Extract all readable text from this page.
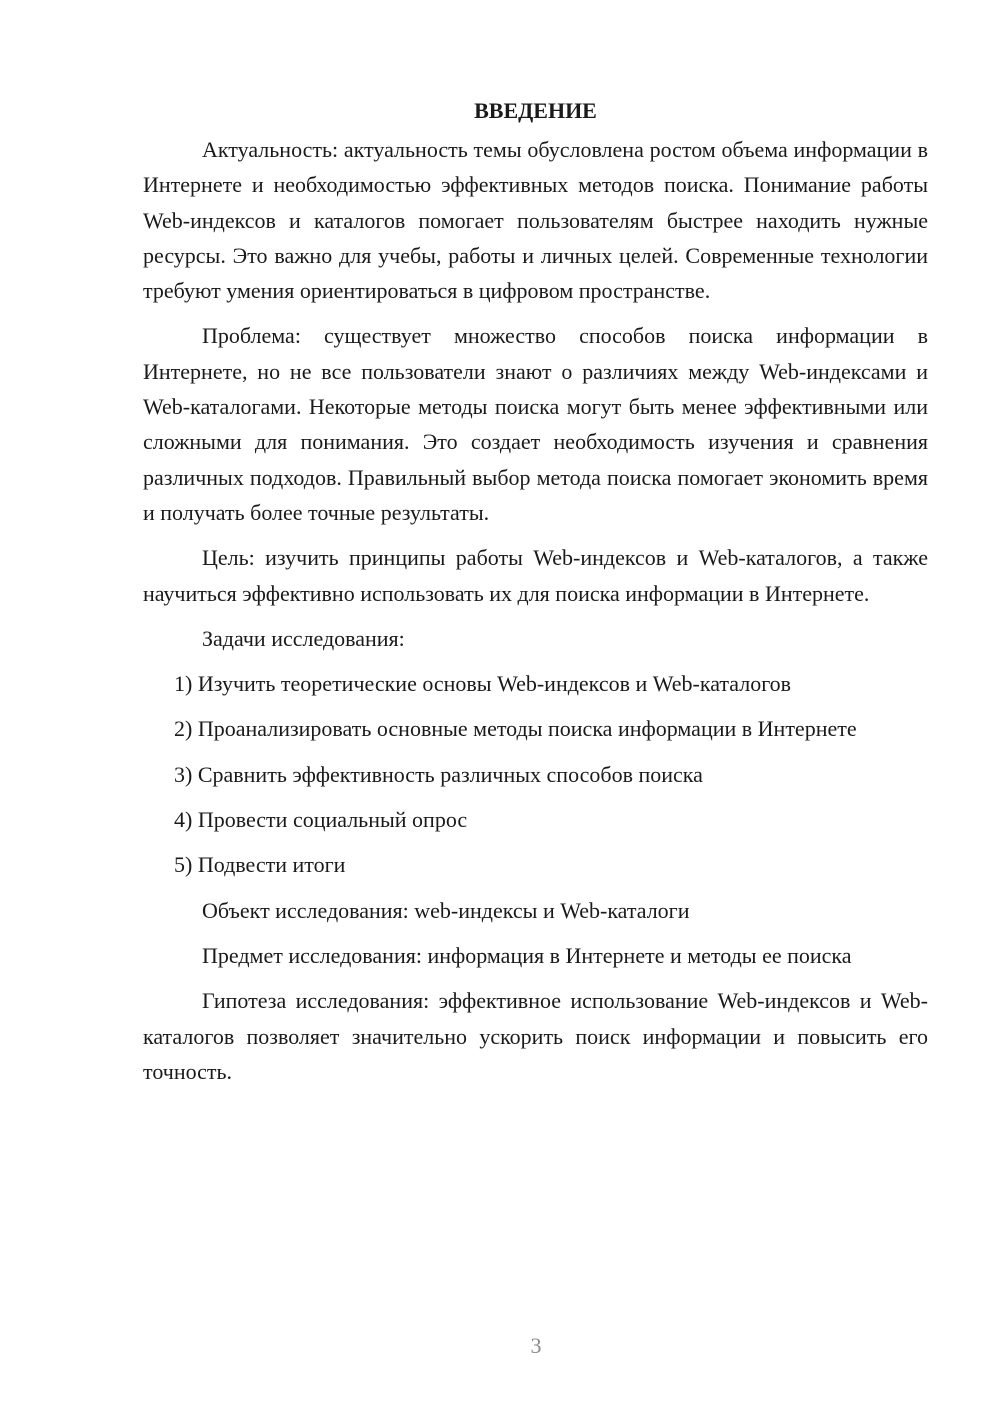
ВВЕДЕНИЕ

Актуальность: актуальность темы обусловлена ростом объема информации в Интернете и необходимостью эффективных методов поиска. Понимание работы Web-индексов и каталогов помогает пользователям быстрее находить нужные ресурсы. Это важно для учебы, работы и личных целей. Современные технологии требуют умения ориентироваться в цифровом пространстве.

Проблема: существует множество способов поиска информации в Интернете, но не все пользователи знают о различиях между Web-индексами и Web-каталогами. Некоторые методы поиска могут быть менее эффективными или сложными для понимания. Это создает необходимость изучения и сравнения различных подходов. Правильный выбор метода поиска помогает экономить время и получать более точные результаты.

Цель: изучить принципы работы Web-индексов и Web-каталогов, а также научиться эффективно использовать их для поиска информации в Интернете.

Задачи исследования:

1) Изучить теоретические основы Web-индексов и Web-каталогов

2) Проанализировать основные методы поиска информации в Интернете

3) Сравнить эффективность различных способов поиска

4) Провести социальный опрос

5) Подвести итоги

Объект исследования: web-индексы и Web-каталоги

Предмет исследования: информация в Интернете и методы ее поиска

Гипотеза исследования: эффективное использование Web-индексов и Web-каталогов позволяет значительно ускорить поиск информации и повысить его точность.

3
